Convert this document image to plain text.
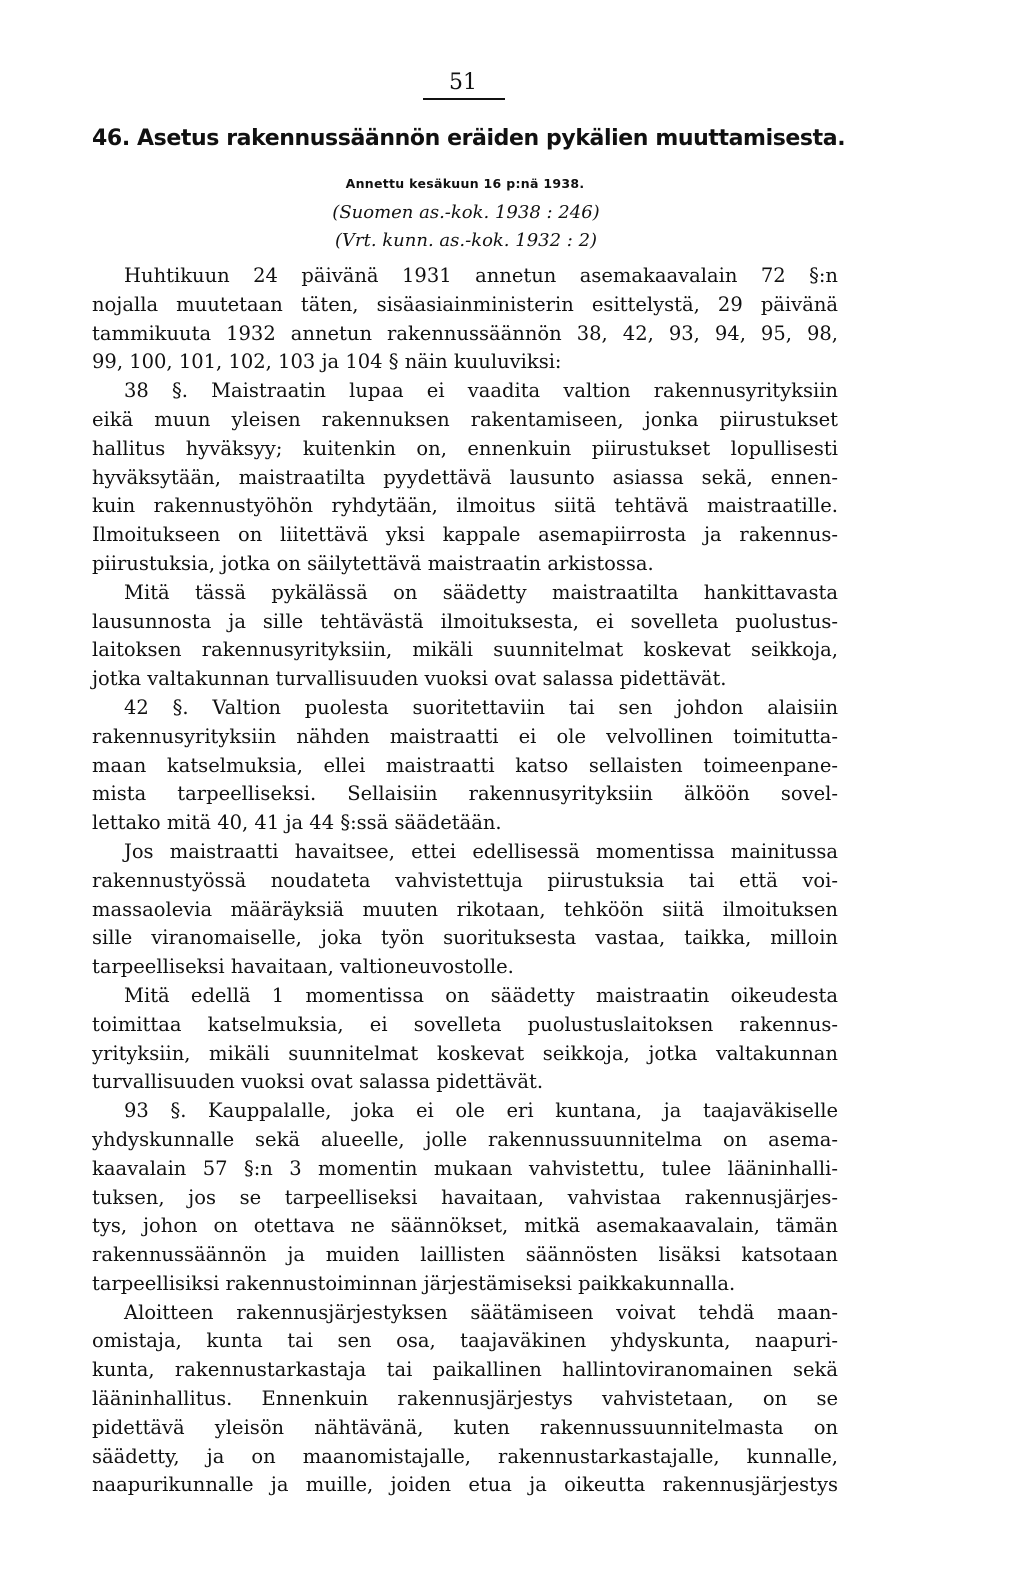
51
46. Asetus rakennussäännön eräiden pykälien muuttamisesta.
Annettu kesäkuun 16 p:nä 1938.
(Suomen as.-kok. 1938 : 246)
(Vrt. kunn. as.-kok. 1932 : 2)
Huhtikuun 24 päivänä 1931 annetun asemakaavalain 72 §:n
nojalla muutetaan täten, sisäasiainministerin esittelystä, 29 päivänä
tammikuuta 1932 annetun rakennussäännön 38, 42, 93, 94, 95, 98,
99, 100, 101, 102, 103 ja 104 § näin kuuluviksi:
38 §. Maistraatin lupaa ei vaadita valtion rakennusyrityksiin
eikä muun yleisen rakennuksen rakentamiseen, jonka piirustukset
hallitus hyväksyy; kuitenkin on, ennenkuin piirustukset lopullisesti
hyväksytään, maistraatilta pyydettävä lausunto asiassa sekä, ennen-
kuin rakennustyöhön ryhdytään, ilmoitus siitä tehtävä maistraatille.
Ilmoitukseen on liitettävä yksi kappale asemapiirrosta ja rakennus-
piirustuksia, jotka on säilytettävä maistraatin arkistossa.
Mitä tässä pykälässä on säädetty maistraatilta hankittavasta
lausunnosta ja sille tehtävästä ilmoituksesta, ei sovelleta puolustus-
laitoksen rakennusyrityksiin, mikäli suunnitelmat koskevat seikkoja,
jotka valtakunnan turvallisuuden vuoksi ovat salassa pidettävät.
42 §. Valtion puolesta suoritettaviin tai sen johdon alaisiin
rakennusyrityksiin nähden maistraatti ei ole velvollinen toimitutta-
maan katselmuksia, ellei maistraatti katso sellaisten toimeenpane-
mista tarpeelliseksi. Sellaisiin rakennusyrityksiin älköön sovel-
lettako mitä 40, 41 ja 44 §:ssä säädetään.
Jos maistraatti havaitsee, ettei edellisessä momentissa mainitussa
rakennustyössä noudateta vahvistettuja piirustuksia tai että voi-
massaolevia määräyksiä muuten rikotaan, tehköön siitä ilmoituksen
sille viranomaiselle, joka työn suorituksesta vastaa, taikka, milloin
tarpeelliseksi havaitaan, valtioneuvostolle.
Mitä edellä 1 momentissa on säädetty maistraatin oikeudesta
toimittaa katselmuksia, ei sovelleta puolustuslaitoksen rakennus-
yrityksiin, mikäli suunnitelmat koskevat seikkoja, jotka valtakunnan
turvallisuuden vuoksi ovat salassa pidettävät.
93 §. Kauppalalle, joka ei ole eri kuntana, ja taajaväkiselle
yhdyskunnalle sekä alueelle, jolle rakennussuunnitelma on asema-
kaavalain 57 §:n 3 momentin mukaan vahvistettu, tulee lääninhalli-
tuksen, jos se tarpeelliseksi havaitaan, vahvistaa rakennusjärjes-
tys, johon on otettava ne säännökset, mitkä asemakaavalain, tämän
rakennussäännön ja muiden laillisten säännösten lisäksi katsotaan
tarpeellisiksi rakennustoiminnan järjestämiseksi paikkakunnalla.
Aloitteen rakennusjärjestyksen säätämiseen voivat tehdä maan-
omistaja, kunta tai sen osa, taajaväkinen yhdyskunta, naapuri-
kunta, rakennustarkastaja tai paikallinen hallintoviranomainen sekä
lääninhallitus. Ennenkuin rakennusjärjestys vahvistetaan, on se
pidettävä yleisön nähtävänä, kuten rakennussuunnitelmasta on
säädetty, ja on maanomistajalle, rakennustarkastajalle, kunnalle,
naapurikunnalle ja muille, joiden etua ja oikeutta rakennusjärjestys
